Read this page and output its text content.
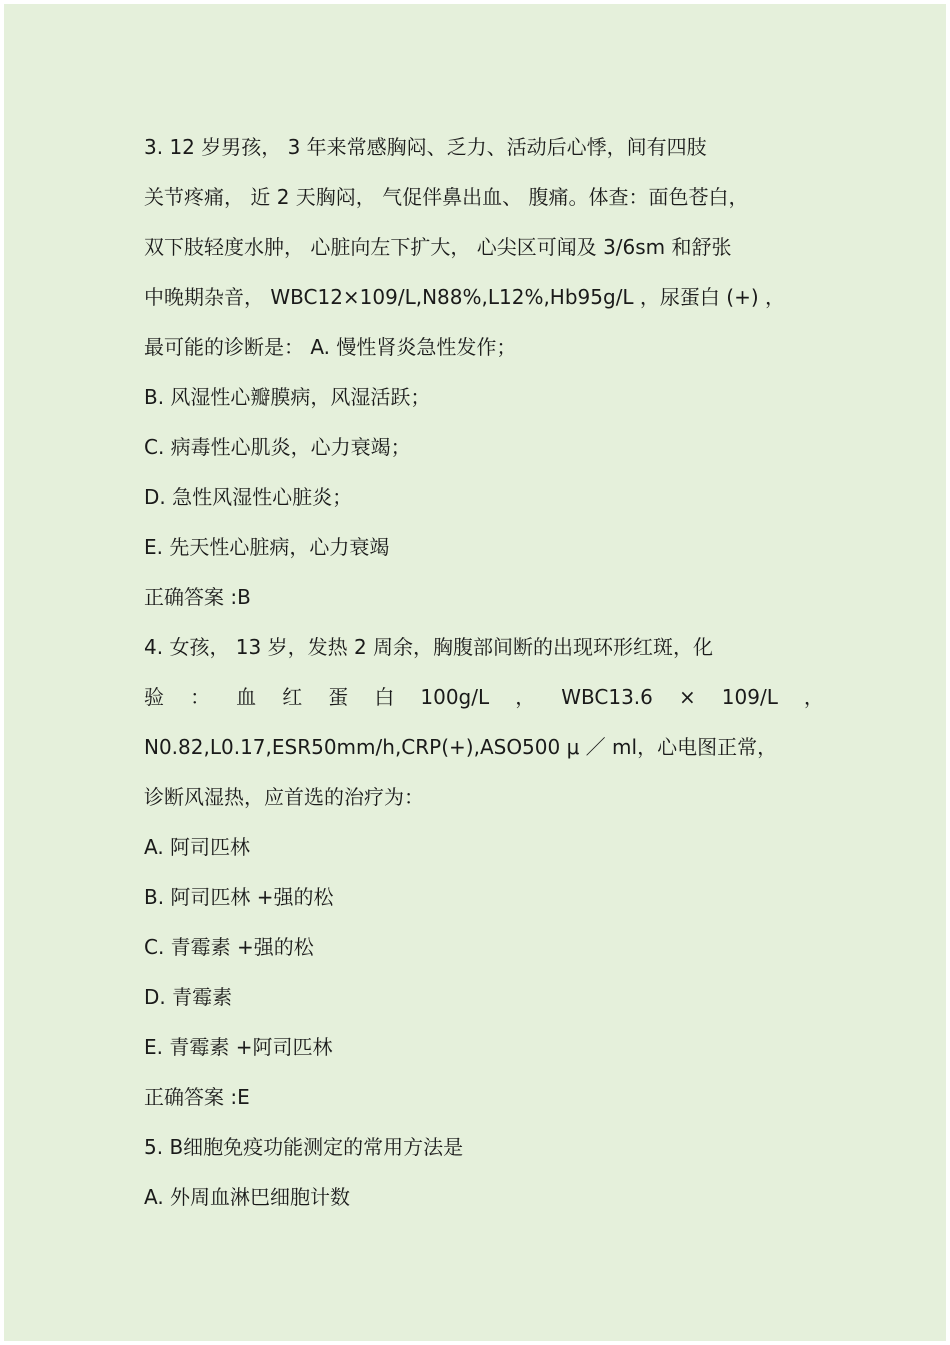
3. 12 岁男孩， 3 年来常感胸闷、乏力、活动后心悸，间有四肢
关节疼痛， 近 2 天胸闷， 气促伴鼻出血、 腹痛。体查：面色苍白，
双下肢轻度水肿， 心脏向左下扩大， 心尖区可闻及 3/6sm 和舒张
中晚期杂音， WBC12×109/L,N88%,L12%,Hb95g/L ，尿蛋白 (+) ，
最可能的诊断是： A. 慢性肾炎急性发作；
B. 风湿性心瓣膜病，风湿活跃；
C. 病毒性心肌炎，心力衰竭；
D. 急性风湿性心脏炎；
E. 先天性心脏病，心力衰竭
正确答案 :B
4. 女孩， 13 岁，发热 2 周余，胸腹部间断的出现环形红斑，化
验 ： 血 红 蛋 白 100g/L ， WBC13.6 × 109/L ，
N0.82,L0.17,ESR50mm/h,CRP(+),ASO500 μ ／ ml，心电图正常，
诊断风湿热，应首选的治疗为：
A. 阿司匹林
B. 阿司匹林 +强的松
C. 青霉素 +强的松
D. 青霉素
E. 青霉素 +阿司匹林
正确答案 :E
5. B细胞免疫功能测定的常用方法是
A. 外周血淋巴细胞计数
